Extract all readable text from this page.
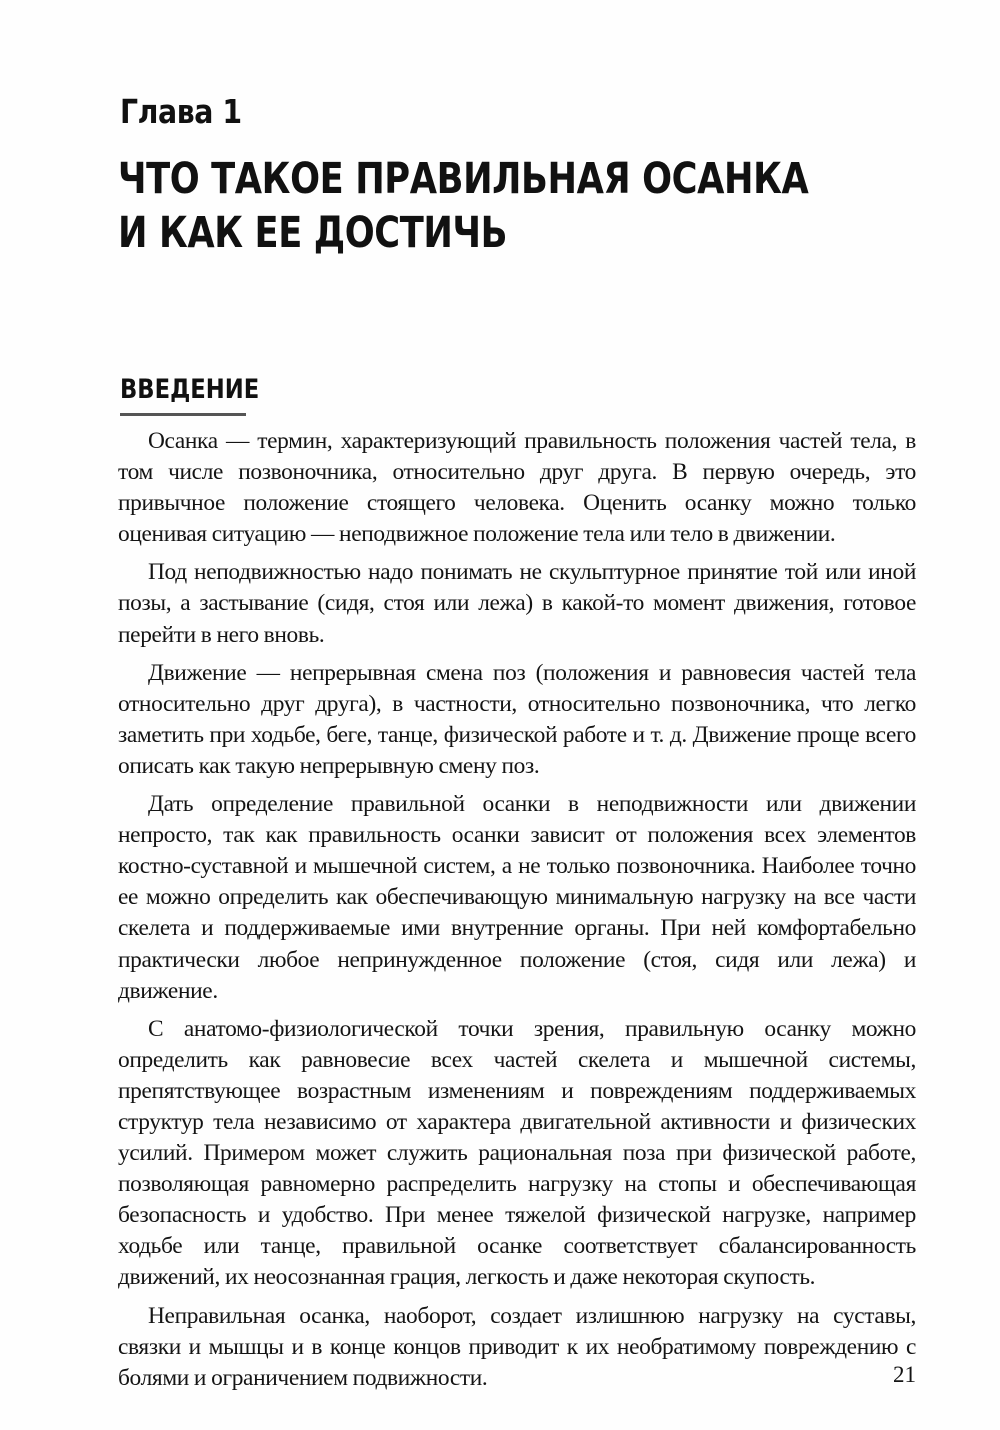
Глава 1
ЧТО ТАКОЕ ПРАВИЛЬНАЯ ОСАНКА
И КАК ЕЕ ДОСТИЧЬ
ВВЕДЕНИЕ

Осанка — термин, характеризующий правильность положения частей тела, в том числе позвоночника, относительно друг друга. В первую очередь, это привычное положение стоящего человека. Оценить осанку можно только оценивая ситуацию — неподвижное положение тела или тело в движении.

Под неподвижностью надо понимать не скульптурное принятие той или иной позы, а застывание (сидя, стоя или лежа) в какой-то момент движения, готовое перейти в него вновь.

Движение — непрерывная смена поз (положения и равновесия частей тела относительно друг друга), в частности, относительно позвоночника, что легко заметить при ходьбе, беге, танце, физической работе и т. д. Движение проще всего описать как такую непрерывную смену поз.

Дать определение правильной осанки в неподвижности или движении непросто, так как правильность осанки зависит от положения всех элементов костно-суставной и мышечной систем, а не только позвоночника. Наиболее точно ее можно определить как обеспечивающую минимальную нагрузку на все части скелета и поддерживаемые ими внутренние органы. При ней комфортабельно практически любое непринужденное положение (стоя, сидя или лежа) и движение.

С анатомо-физиологической точки зрения, правильную осанку можно определить как равновесие всех частей скелета и мышечной системы, препятствующее возрастным изменениям и повреждениям поддерживаемых структур тела независимо от характера двигательной активности и физических усилий. Примером может служить рациональная поза при физической работе, позволяющая равномерно распределить нагрузку на стопы и обеспечивающая безопасность и удобство. При менее тяжелой физической нагрузке, например ходьбе или танце, правильной осанке соответствует сбалансированность движений, их неосознанная грация, легкость и даже некоторая скупость.

Неправильная осанка, наоборот, создает излишнюю нагрузку на суставы, связки и мышцы и в конце концов приводит к их необратимому повреждению с болями и ограничением подвижности.	21
